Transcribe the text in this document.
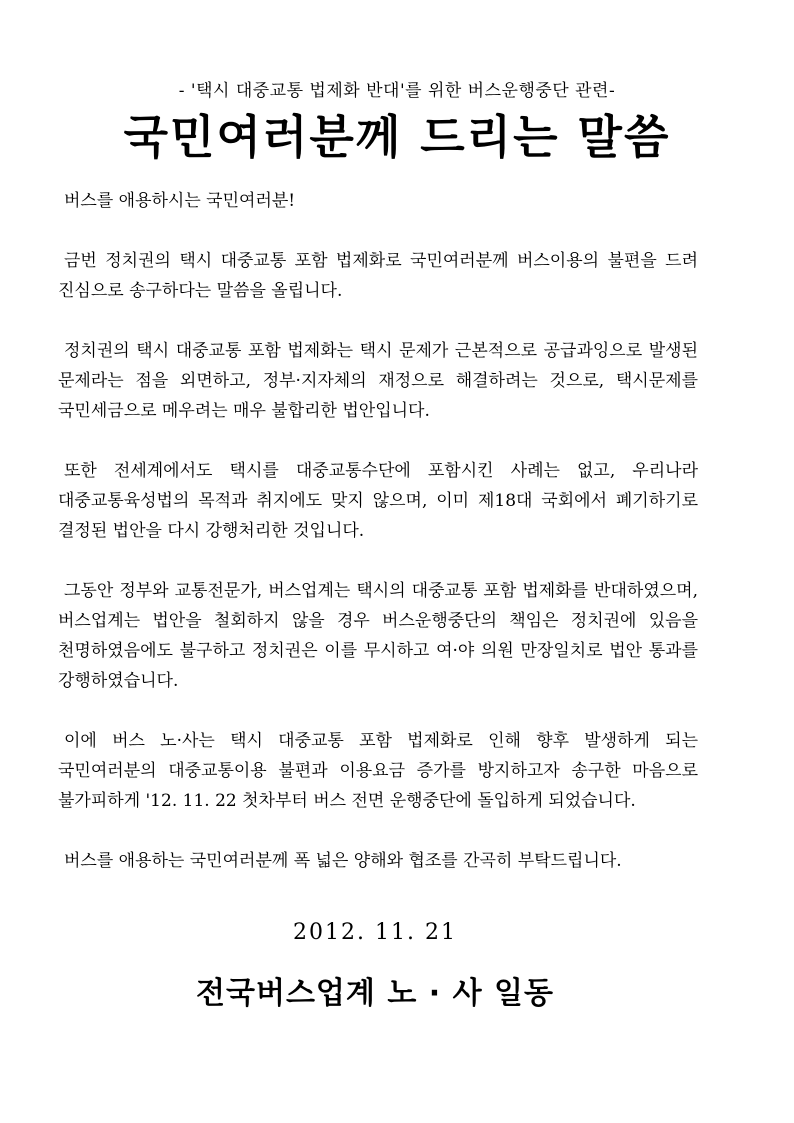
- '택시 대중교통 법제화 반대'를 위한 버스운행중단 관련-
국민여러분께 드리는 말씀

버스를 애용하시는 국민여러분!

금번 정치권의 택시 대중교통 포함 법제화로 국민여러분께 버스이용의 불편을 드려 진심으로 송구하다는 말씀을 올립니다.

정치권의 택시 대중교통 포함 법제화는 택시 문제가 근본적으로 공급과잉으로 발생된 문제라는 점을 외면하고, 정부·지자체의 재정으로 해결하려는 것으로, 택시문제를 국민세금으로 메우려는 매우 불합리한 법안입니다.

또한 전세계에서도 택시를 대중교통수단에 포함시킨 사례는 없고, 우리나라 대중교통육성법의 목적과 취지에도 맞지 않으며, 이미 제18대 국회에서 폐기하기로 결정된 법안을 다시 강행처리한 것입니다.

그동안 정부와 교통전문가, 버스업계는 택시의 대중교통 포함 법제화를 반대하였으며, 버스업계는 법안을 철회하지 않을 경우 버스운행중단의 책임은 정치권에 있음을 천명하였음에도 불구하고 정치권은 이를 무시하고 여·야 의원 만장일치로 법안 통과를 강행하였습니다.

이에 버스 노·사는 택시 대중교통 포함 법제화로 인해 향후 발생하게 되는 국민여러분의 대중교통이용 불편과 이용요금 증가를 방지하고자 송구한 마음으로 불가피하게 '12. 11. 22 첫차부터 버스 전면 운행중단에 돌입하게 되었습니다.

버스를 애용하는 국민여러분께 폭 넓은 양해와 협조를 간곡히 부탁드립니다.

2012. 11. 21
전국버스업계 노 · 사 일동
